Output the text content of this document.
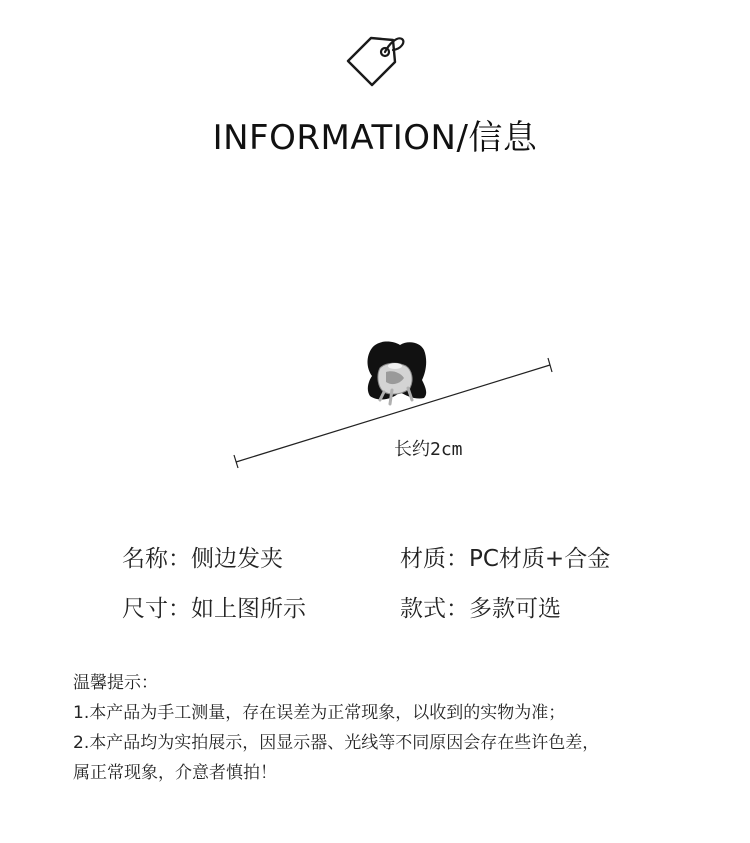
INFORMATION/信息
长约2cm
名称：侧边发夹	材质：PC材质+合金
尺寸：如上图所示	款式：多款可选
温馨提示：
1.本产品为手工测量，存在误差为正常现象，以收到的实物为准；
2.本产品均为实拍展示，因显示器、光线等不同原因会存在些许色差，
属正常现象，介意者慎拍！
